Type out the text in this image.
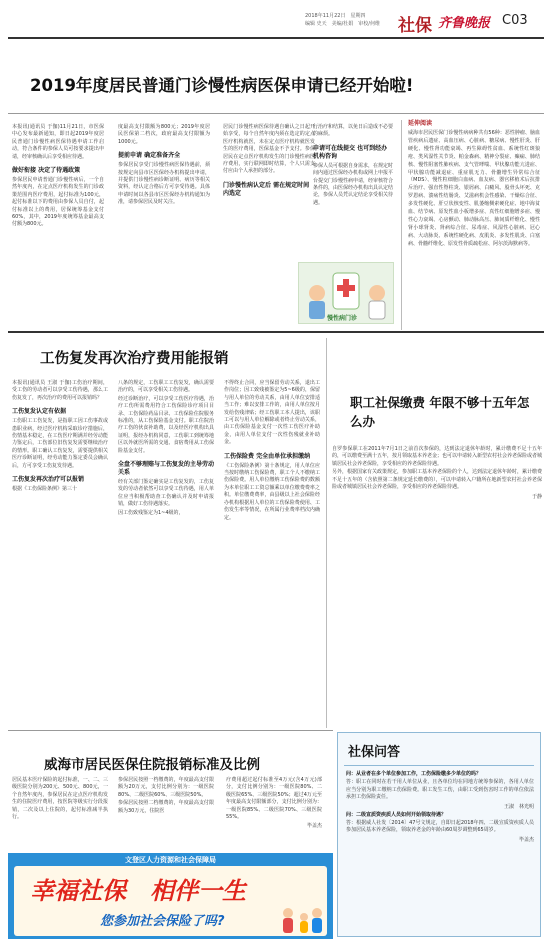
2018年11月22日　星期四
编辑 史天　美编/杜娟　审校/何维 社保 齐鲁晚报 C03
2019年度居民普通门诊慢性病医保申请已经开始啦!

本报讯(通讯员 于伽)11月21日，市医保中心发布最新通知，即日起2019年度居民普通门诊慢性病医保待遇申请工作启动，符合条件的参保人员可按要求提出申请，经审核确认后享受相应待遇。

做好衔接 决定了待遇政策

参保居民申请普通门诊慢性病后，一个自然年度内，在定点医疗机构发生的门诊政策范围内医疗费用，起付标准为100元，起付标准以下的费用由参保人员自付，起付标准以上的费用，居保统筹基金支付60%，其中，2019年度统筹基金最高支付额为800元。

度最高支付限额为800元；2019年度居民医保第二档次，政府最高支付限额为1000元。

提前申请 确定准备齐全

参保居民享受门诊慢性病医保待遇前，须按规定向县市区医保经办机构提出申请，并提供门诊慢性病诊断证明、病历等相关资料，经认定合格后方可享受待遇。具体申请时间以各县市区医保经办机构通知为准，请参保居民及时关注。

居民门诊慢性病医保待遇自确认之日起开始享受，每个自然年度内须在选定的定点医疗机构就医，未在定点医疗机构就医发生的医疗费用，医保基金不予支付。参保居民在定点医疗机构发生的门诊慢性病医疗费用，实行联网即时结算，个人只需支付应由个人承担的部分。

门诊慢性病认定后 需在规定时间内选定

行治疗和结算，以免日后造成不必要的麻烦。

申请可在线提交 也可到经办机构咨询

参保人员可根据自身需求，在规定时间内通过医保经办机构或网上申报平台提交门诊慢性病申请，经审核符合条件的，由医保经办机构出具认定结论，参保人员凭认定结论享受相关待遇。

慢性病门诊
延伸阅读

威海市居民医保门诊慢性病病种共有56种：恶性肿瘤、脑血管疾病后遗症、高血压病、心脏病、糖尿病、慢性肝炎、肝硬化、慢性肾功能衰竭、再生障碍性贫血、系统性红斑狼疮、类风湿性关节炎、帕金森病、精神分裂症、癫痫、肺结核、慢性阻塞性肺疾病、支气管哮喘、甲状腺功能亢进症、甲状腺功能减退症、重症肌无力、骨髓增生异常综合征（MDS）、慢性粒细胞白血病、血友病、器官移植术后抗排斥治疗、强直性脊柱炎、银屑病、白癜风、股骨头坏死、克罗恩病、溃疡性结肠炎、艾滋病机会性感染、干燥综合征、多发性硬化、肝豆状核变性、肌萎缩侧索硬化症、地中海贫血、结节病、原发性血小板增多症、真性红细胞增多症、慢性心力衰竭、心房颤动、肺动脉高压、肺间质纤维化、慢性肾小球肾炎、肾病综合征、尿毒症、风湿性心脏病、冠心病、大动脉炎、系统性硬化病、皮肌炎、多发性肌炎、白塞病、骨髓纤维化、原发性骨质疏松症、阿尔茨海默病等。

工伤复发再次治疗费用能报销

本报讯(通讯员 王淑 于伽)工伤治疗期间，受工伤的劳动者可以享受工伤待遇，那么工伤复发了，再次治疗的费用可以报销吗？

工伤复发认定有依据

工伤职工工伤复发，是指职工因工伤事故或患职业病，经过医疗机构采取诊疗措施后，伤情基本稳定，在工伤医疗期满并经劳动能力鉴定后，工伤部位旧伤复发需要继续治疗的情形。职工确认工伤复发，需要提供相关医疗诊断证明，经劳动能力鉴定委员会确认后，方可享受工伤复发待遇。

工伤复发再次治疗可以报销

根据《工伤保险条例》第三十

八条的规定，工伤职工工伤复发，确认需要治疗的，可以享受相关工伤待遇。

经过诊断治疗，可以享受工伤医疗待遇，治疗工伤所需费用符合工伤保险诊疗项目目录、工伤保险药品目录、工伤保险住院服务标准的，从工伤保险基金支付。职工住院治疗工伤的伙食补助费，以及经医疗机构出具证明，报经办机构同意，工伤职工到统筹地区以外就医所需的交通、食宿费用从工伤保险基金支付。

全盘不够理赔与工伤复发的主导劳动关系

经有关部门鉴定确实是工伤复发的，工伤复发的劳动者依然可以享受工伤待遇，用人单位应当积极帮助查工伤确认并及时申请报销，做好工伤待遇落实。

因工伤致残鉴定为1~4级的，

不得终止合同，应当保留劳动关系，退出工作岗位；因工致残被鉴定为5~6级的，保留与用人单位的劳动关系，由用人单位安排适当工作；难以安排工作的，由用人单位按月发给伤残津贴；经工伤职工本人提出，该职工可以与用人单位解除或者终止劳动关系，由工伤保险基金支付一次性工伤医疗补助金，由用人单位支付一次性伤残就业补助金。

工伤保险费 完全由单位承担缴纳

《工伤保险条例》第十条规定，用人单位应当按时缴纳工伤保险费，职工个人不缴纳工伤保险费。用人单位缴纳工伤保险费的数额为本单位职工工资总额乘以单位缴费费率之积。单位缴费费率，由县级以上社会保险经办机构根据用人单位的工伤保险费使用、工伤发生率等情况，在所属行业费率档次内确定。

职工社保缴费 年限不够十五年怎么办

自罗参保职工在2011年7月1日之前首次参保的，达到法定退休年龄时，累计缴费不足十五年的，可以缴费至满十五年，按月领取基本养老金；也可以申请转入新型农村社会养老保险或者城镇居民社会养老保险，享受相应的养老保险待遇。

另外，根据国家有关政策规定，参加职工基本养老保险的个人，达到法定退休年龄时，累计缴费不足十五年的（含依照第二条规定延长缴费的），可以申请转入户籍所在地新型农村社会养老保险或者城镇居民社会养老保险，享受相应的养老保险待遇。

于静
威海市居民医保住院报销标准及比例

居民基本医疗保险的起付标准，一、二、三级医院分别为200元、500元、800元，一个自然年度内，参保居民在定点医疗机构发生的住院医疗费用，按医院等级实行分段报销，二次及以上住院的，起付标准减半执行。

参保居民按照一档缴费的，年度最高支付限额为20万元，支付比例分别为：一级医院80%、二级医院60%、三级医院50%。

参保居民按照二档缴费的，年度最高支付限额为30万元，住院医

疗费用超过起付标准至4万元(含4万元)部分，支付比例分别为：一级医院80%、二级医院65%、三级医院50%；超过4万元至年度最高支付限额部分，支付比例分别为：一级医院85%、二级医院70%、三级医院55%。

毕盖杰
社保问答

问：从业者在多个单位参加工作，工伤保险缴多少单位的吗？

答：职工在同时在若干用人单位从业，且各单位均在同地方统筹参保的，各用人单位应当分别为职工缴纳工伤保险费。职工发生工伤，由职工受到伤害时工作的单位依法承担工伤保险责任。

王淑　林光明

问：二级宣质资疾质人员如何开始领取待遇？

答：根据威人社发〔2014〕47号文规定，自即日起2018年四、二级宣质资疾质人员参加居民基本养老保险，领取养老金的年龄由60周岁调整到65周岁。

毕盖杰
文登区人力资源和社会保障局
幸福社保　相伴一生
您参加社会保险了吗?
